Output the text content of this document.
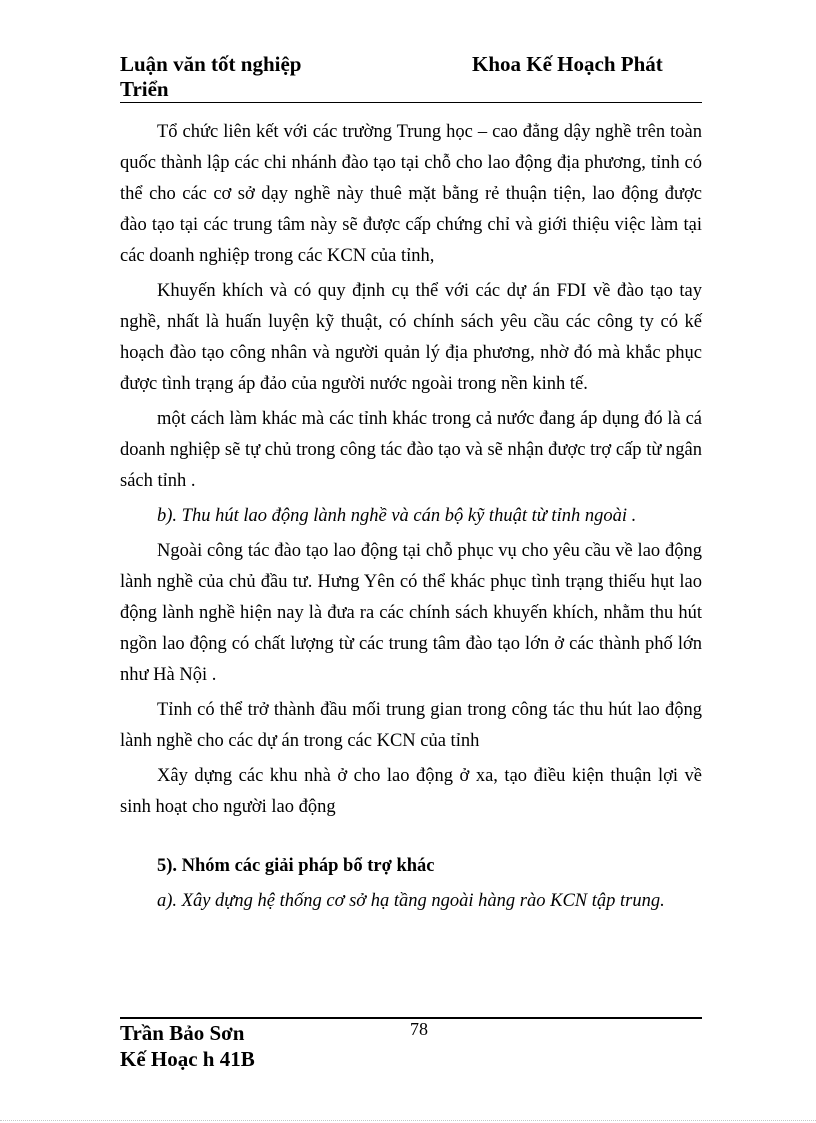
Luận văn tốt nghiệp
Triển
Khoa Kế Hoạch Phát

Tổ chức liên kết với các trường Trung học – cao đẳng dậy nghề trên toàn quốc thành lập các chi nhánh đào tạo tại chỗ cho lao động địa phương, tỉnh có thể cho các cơ sở dạy nghề này thuê mặt bằng rẻ thuận tiện, lao động được đào tạo tại các trung tâm này sẽ được cấp chứng chỉ và giới thiệu việc làm tại các doanh nghiệp trong các KCN của tỉnh,

Khuyến khích và có quy định cụ thể với các dự án FDI về đào tạo tay nghề, nhất là huấn luyện kỹ thuật, có chính sách yêu cầu các công ty có kế hoạch đào tạo công nhân và người quản lý địa phương, nhờ đó mà khắc phục được tình trạng áp đảo của người nước ngoài trong nền kinh tế.

một cách làm khác mà các tỉnh khác trong cả nước đang áp dụng đó là cá doanh nghiệp sẽ tự chủ trong công tác đào tạo và sẽ nhận được trợ cấp từ ngân sách tỉnh .

b). Thu hút lao động lành nghề và cán bộ kỹ thuật từ tỉnh ngoài .

Ngoài công tác đào tạo lao động tại chỗ phục vụ cho yêu cầu về lao động lành nghề của chủ đầu tư. Hưng Yên có thể khác phục tình trạng thiếu hụt lao động lành nghề hiện nay là đưa ra các chính sách khuyến khích, nhằm thu hút ngồn lao động có chất lượng từ các trung tâm đào tạo lớn ở các thành phố lớn như Hà Nội .

Tỉnh có thể trở thành đầu mối trung gian trong công tác thu hút lao động lành nghề cho các dự án trong các KCN của tỉnh

Xây dựng các khu nhà ở cho lao động ở xa, tạo điều kiện thuận lợi về sinh hoạt cho người lao động

5). Nhóm các giải pháp bổ trợ khác

a). Xây dựng hệ thống cơ sở hạ tầng ngoài hàng rào KCN tập trung.

Trần Bảo Sơn
Kế Hoạc h 41B
78
